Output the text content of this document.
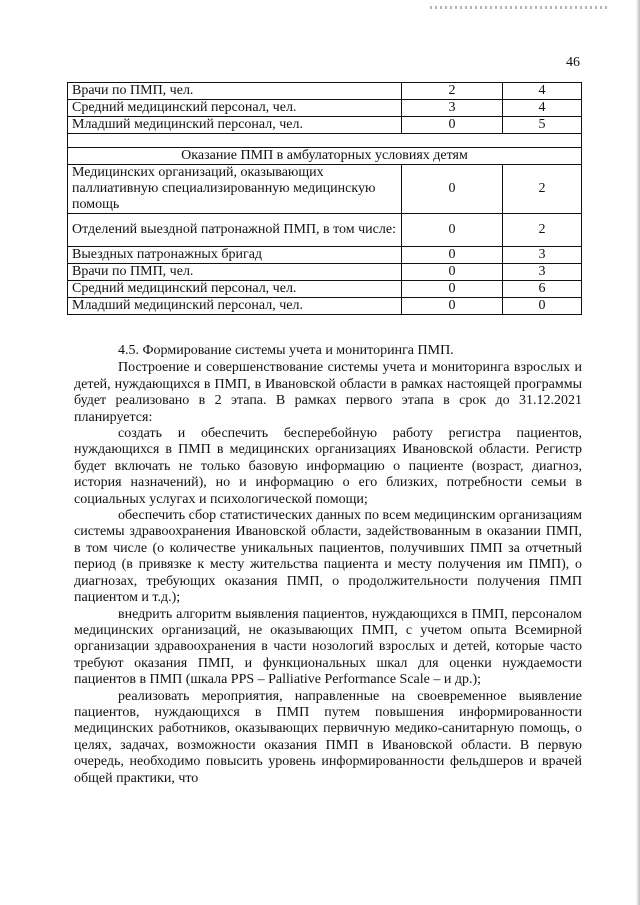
46
Врачи по ПМП, чел.	2	4
Средний медицинский персонал, чел.	3	4
Младший медицинский персонал, чел.	0	5

Оказание ПМП в амбулаторных условиях детям		
Медицинских организаций, оказывающих паллиативную специализированную медицинскую помощь	0	2
Отделений выездной патронажной ПМП, в том числе:	0	2
Выездных патронажных бригад	0	3
Врачи по ПМП, чел.	0	3
Средний медицинский персонал, чел.	0	6
Младший медицинский персонал, чел.	0	0

4.5. Формирование системы учета и мониторинга ПМП.

Построение и совершенствование системы учета и мониторинга взрослых и детей, нуждающихся в ПМП, в Ивановской области в рамках настоящей программы будет реализовано в 2 этапа. В рамках первого этапа в срок до 31.12.2021 планируется:

создать и обеспечить бесперебойную работу регистра пациентов, нуждающихся в ПМП в медицинских организациях Ивановской области. Регистр будет включать не только базовую информацию о пациенте (возраст, диагноз, история назначений), но и информацию о его близких, потребности семьи в социальных услугах и психологической помощи;

обеспечить сбор статистических данных по всем медицинским организациям системы здравоохранения Ивановской области, задействованным в оказании ПМП, в том числе (о количестве уникальных пациентов, получивших ПМП за отчетный период (в привязке к месту жительства пациента и месту получения им ПМП), о диагнозах, требующих оказания ПМП, о продолжительности получения ПМП пациентом и т.д.);

внедрить алгоритм выявления пациентов, нуждающихся в ПМП, персоналом медицинских организаций, не оказывающих ПМП, с учетом опыта Всемирной организации здравоохранения в части нозологий взрослых и детей, которые часто требуют оказания ПМП, и функциональных шкал для оценки нуждаемости пациентов в ПМП (шкала PPS – Palliative Performance Scale – и др.);

реализовать мероприятия, направленные на своевременное выявление пациентов, нуждающихся в ПМП путем повышения информированности медицинских работников, оказывающих первичную медико-санитарную помощь, о целях, задачах, возможности оказания ПМП в Ивановской области. В первую очередь, необходимо повысить уровень информированности фельдшеров и врачей общей практики, что
